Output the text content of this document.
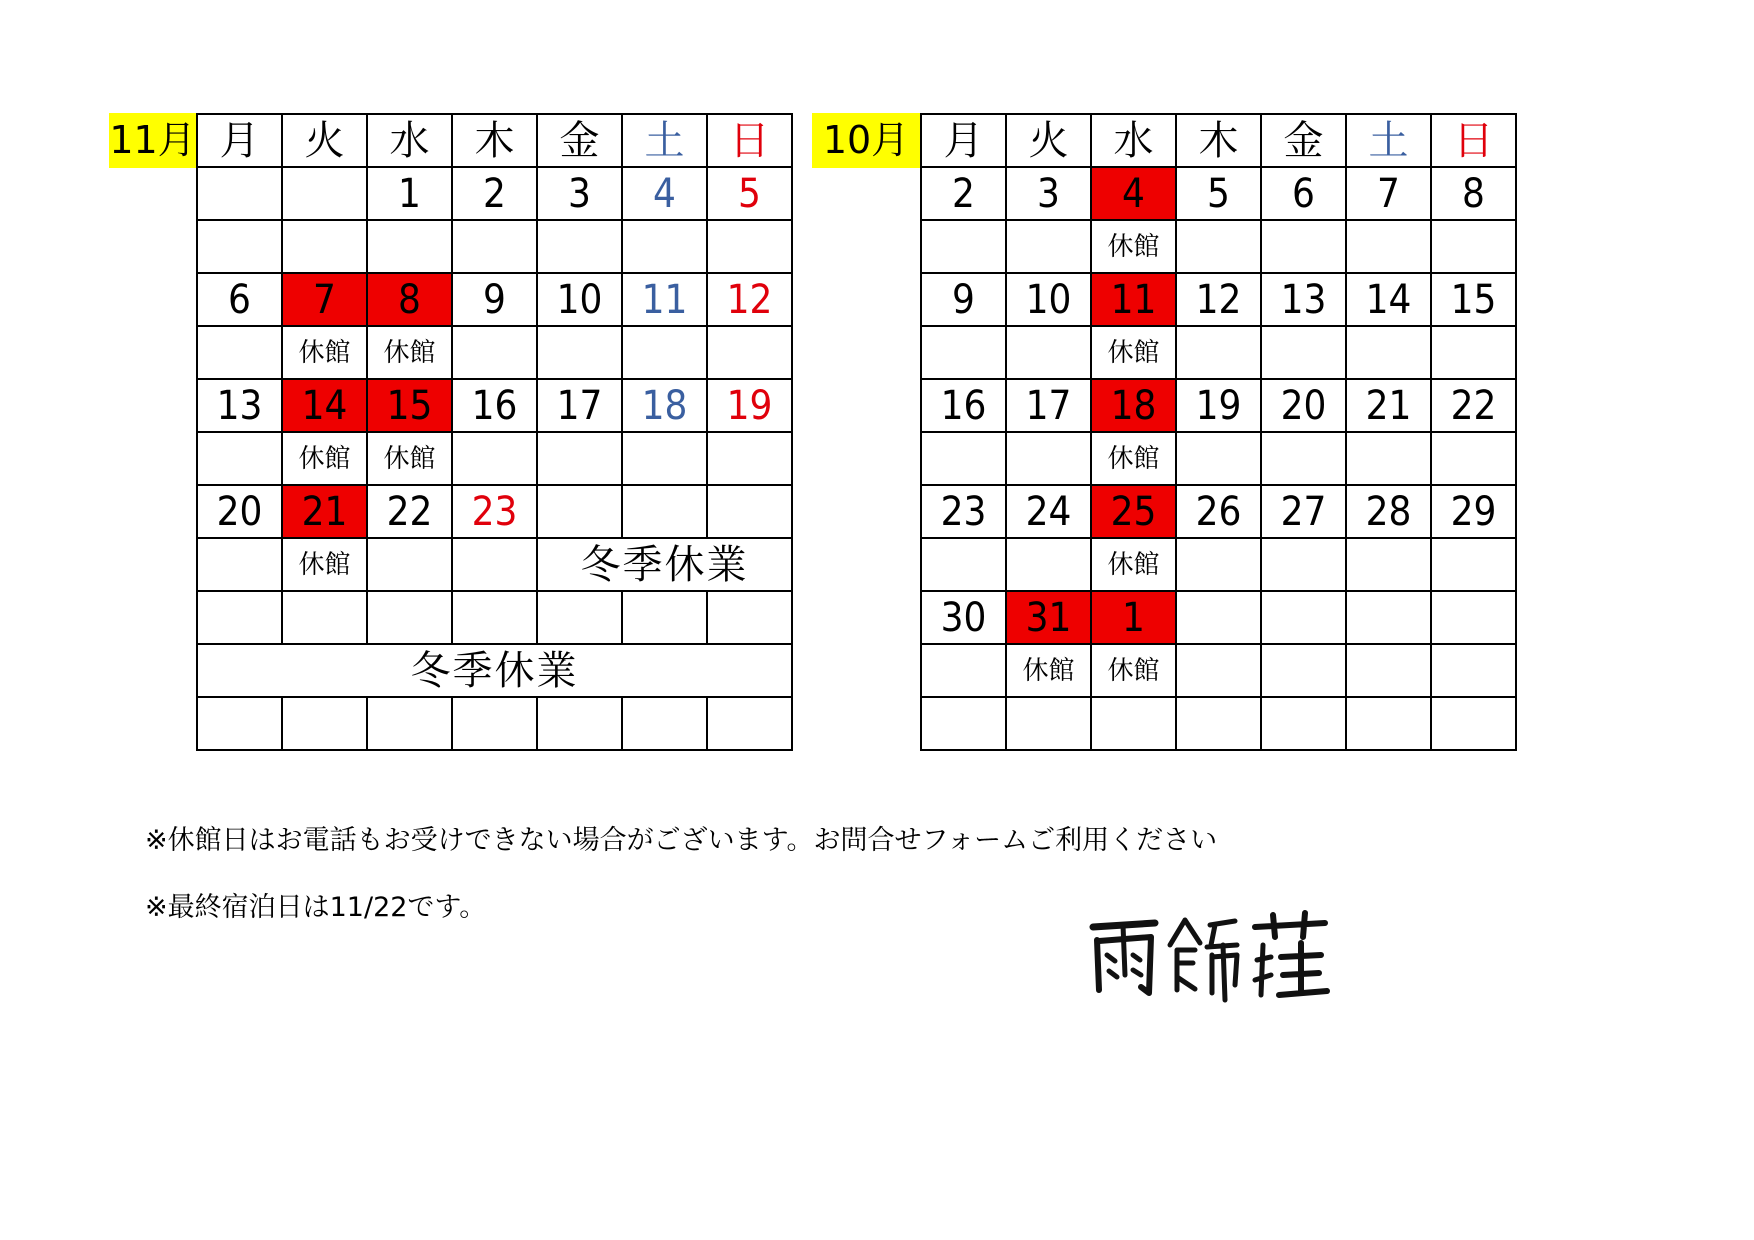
11月	10月
月	火	水	木	金	土	日
		1	2	3	4	5

6	7	8	9	10	11	12
	休館	休館				
13	14	15	16	17	18	19
	休館	休館				
20	21	22	23			
	休館			冬季休業		

冬季休業						

月	火	水	木	金	土	日
2	3	4	5	6	7	8
		休館				
9	10	11	12	13	14	15
		休館				
16	17	18	19	20	21	22
		休館				
23	24	25	26	27	28	29
		休館				
30	31	1				
	休館	休館				

※休館日はお電話もお受けできない場合がございます。お問合せフォームご利用ください
※最終宿泊日は11/22です。
